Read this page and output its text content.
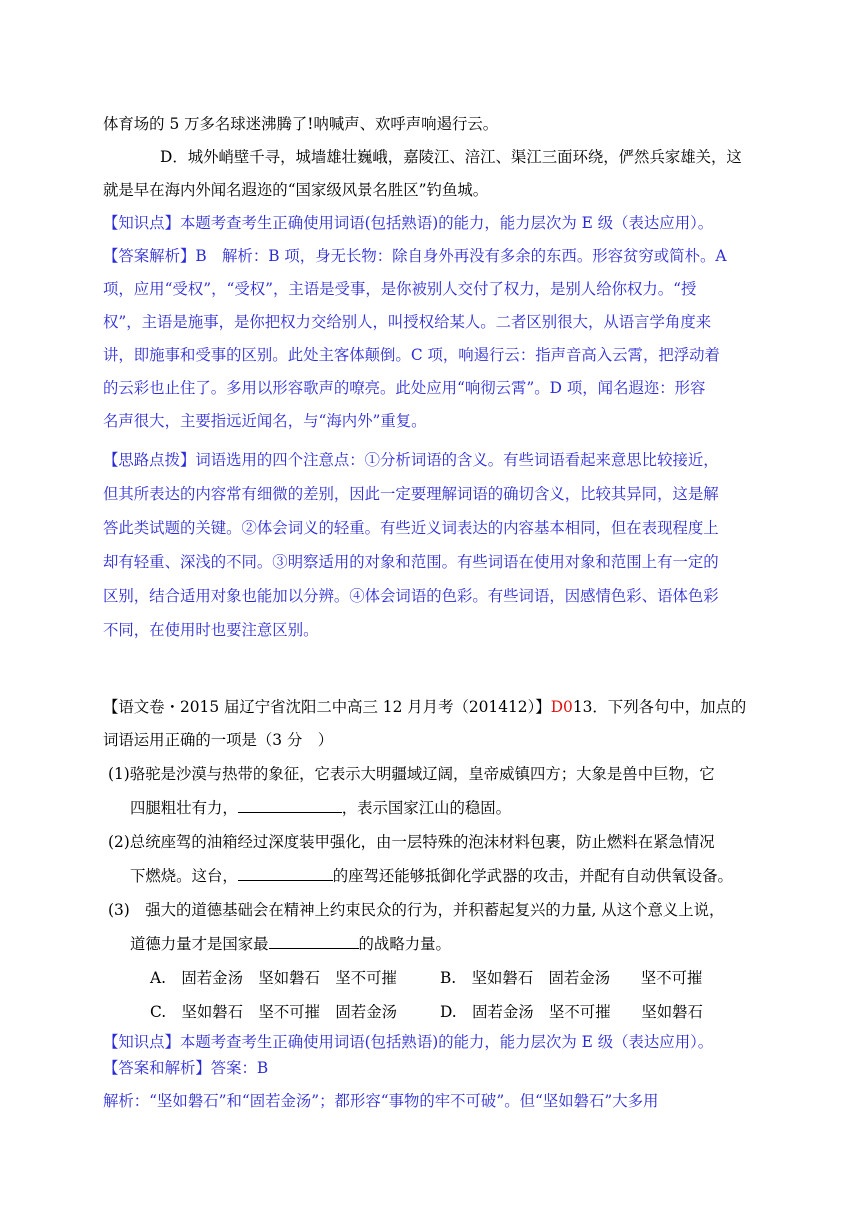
体育场的 5 万多名球迷沸腾了!呐喊声、欢呼声响遏行云。

D．城外峭壁千寻，城墙雄壮巍峨，嘉陵江、涪江、渠江三面环绕，俨然兵家雄关，这

就是早在海内外闻名遐迩的“国家级风景名胜区”钓鱼城。

【知识点】本题考查考生正确使用词语(包括熟语)的能力，能力层次为 E 级（表达应用）。

【答案解析】B　解析：B 项，身无长物：除自身外再没有多余的东西。形容贫穷或简朴。A

项，应用“受权”，“受权”，主语是受事，是你被别人交付了权力，是别人给你权力。“授

权”，主语是施事，是你把权力交给别人，叫授权给某人。二者区别很大，从语言学角度来

讲，即施事和受事的区别。此处主客体颠倒。C 项，响遏行云：指声音高入云霄，把浮动着

的云彩也止住了。多用以形容歌声的嘹亮。此处应用“响彻云霄”。D 项，闻名遐迩：形容

名声很大，主要指远近闻名，与“海内外”重复。

【思路点拨】词语选用的四个注意点：①分析词语的含义。有些词语看起来意思比较接近，

但其所表达的内容常有细微的差别，因此一定要理解词语的确切含义，比较其异同，这是解

答此类试题的关键。②体会词义的轻重。有些近义词表达的内容基本相同，但在表现程度上

却有轻重、深浅的不同。③明察适用的对象和范围。有些词语在使用对象和范围上有一定的

区别，结合适用对象也能加以分辨。④体会词语的色彩。有些词语，因感情色彩、语体色彩

不同，在使用时也要注意区别。

【语文卷・2015 届辽宁省沈阳二中高三 12 月月考（201412）】D013．下列各句中，加点的

词语运用正确的一项是（3 分　）

(1)骆驼是沙漠与热带的象征，它表示大明疆域辽阔，皇帝威镇四方；大象是兽中巨物，它

四腿粗壮有力，	，表示国家江山的稳固。

(2)总统座驾的油箱经过深度装甲强化，由一层特殊的泡沫材料包裹，防止燃料在紧急情况

下燃烧。这台，	的座驾还能够抵御化学武器的攻击，并配有自动供氧设备。

(3)　强大的道德基础会在精神上约束民众的行为，并积蓄起复兴的力量, 从这个意义上说，

道德力量才是国家最	的战略力量。

A.　固若金汤　坚如磐石　坚不可摧	B.　坚如磐石　固若金汤　　坚不可摧
C.　坚如磐石　坚不可摧　固若金汤	D.　固若金汤　坚不可摧　　坚如磐石

【知识点】本题考查考生正确使用词语(包括熟语)的能力，能力层次为 E 级（表达应用）。

【答案和解析】答案：B

解析：“坚如磐石”和“固若金汤”；都形容“事物的牢不可破”。但“坚如磐石”大多用
